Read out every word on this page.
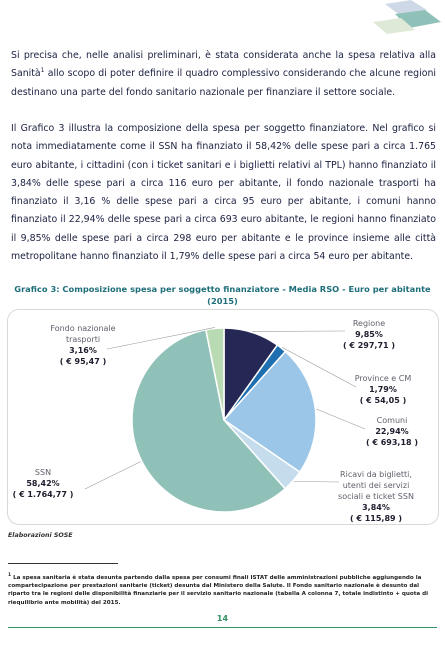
Si precisa che, nelle analisi preliminari, è stata considerata anche la spesa relativa alla Sanità$^1$ allo scopo di poter definire il quadro complessivo considerando che alcune regioni destinano una parte del fondo sanitario nazionale per finanziare il settore sociale.

Il Grafico 3 illustra la composizione della spesa per soggetto finanziatore. Nel grafico si nota immediatamente come il SSN ha finanziato il 58,42% delle spese pari a circa 1.765 euro abitante, i cittadini (con i ticket sanitari e i biglietti relativi al TPL) hanno finanziato il 3,84% delle spese pari a circa 116 euro per abitante, il fondo nazionale trasporti ha finanziato il 3,16 % delle spese pari a circa 95 euro per abitante, i comuni hanno finanziato il 22,94% delle spese pari a circa 693 euro abitante, le regioni hanno finanziato il 9,85% delle spese pari a circa 298 euro per abitante e le province insieme alle città metropolitane hanno finanziato il 1,79% delle spese pari a circa 54 euro per abitante.

Grafico 3: Composizione spesa per soggetto finanziatore - Media RSO - Euro per abitante
(2015)
Regione
9,85%
( € 297,71 )
Province e CM
1,79%
( € 54,05 )
Comuni
22,94%
( € 693,18 )
Ricavi da biglietti,
utenti dei servizi
sociali e ticket SSN
3,84%
( € 115,89 )
SSN
58,42%
( € 1.764,77 )
Fondo nazionale
trasporti
3,16%
( € 95,47 )
Elaborazioni SOSE

$^1$ La spesa sanitaria è stata desunta partendo dalla spesa per consumi finali ISTAT delle amministrazioni pubbliche aggiungendo la compartecipazione per prestazioni sanitarie (ticket) desunta dal Ministero della Salute. Il Fondo sanitario nazionale è desunto dal riparto tra le regioni delle disponibilità finanziarie per il servizio sanitario nazionale (tabella A colonna 7, totale indistinto + quota di riequilibrio ante mobilità) del 2015.

14
